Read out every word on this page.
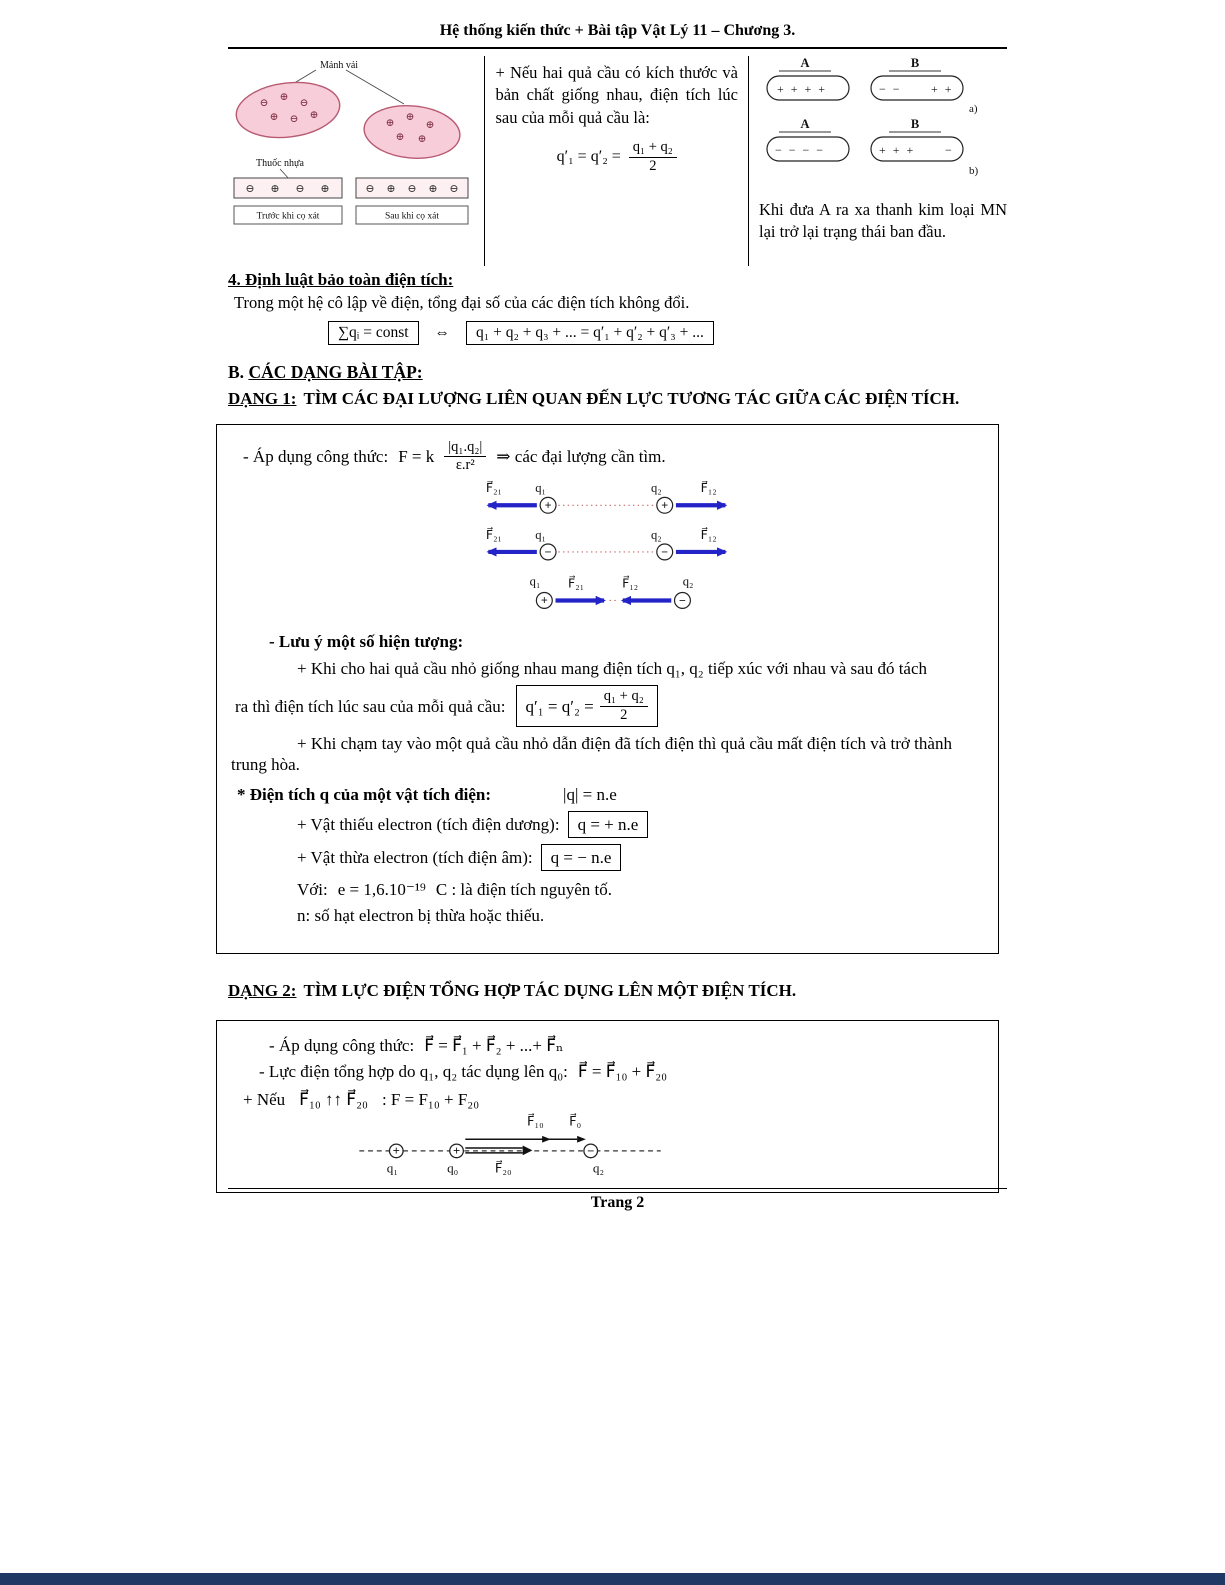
Hệ thống kiến thức + Bài tập Vật Lý 11 – Chương 3.
Mảnh vải
⊖
⊕
⊖
⊕ ⊖ ⊕
⊕
⊕
⊕
⊕ ⊕
Thuốc nhựa
⊖ ⊕ ⊖ ⊕	⊖ ⊕ ⊖ ⊕ ⊖
Trước khi cọ xát	Sau khi cọ xát

+ Nếu hai quả cầu có kích thước và bản chất giống nhau, điện tích lúc sau của mỗi quả cầu là:

$q'_1 = q'_2 = \frac{\text{q₁ + q₂}}{2}$
A
+ + + +
B
− − + +
a)
A
− − − −
B
+ + + −
b)

Khi đưa A ra xa thanh kim loại MN lại trở lại trạng thái ban đầu.

4. Định luật bảo toàn điện tích:

Trong một hệ cô lập về điện, tổng đại số của các điện tích không đổi.

∑qᵢ = const	⇔	q₁ + q₂ + q₃ + ... = q′₁ + q′₂ + q′₃ + ...
B. CÁC DẠNG BÀI TẬP:
DẠNG 1: TÌM CÁC ĐẠI LƯỢNG LIÊN QUAN ĐẾN LỰC TƯƠNG TÁC GIỮA CÁC ĐIỆN TÍCH.
- Áp dụng công thức: F = k $\frac{\text{|q₁.q₂|}}{\text{ε.r²}}$ ⇒ các đại lượng cần tìm.
F⃗₂₁ q₁
+
q₂
+
F⃗₁₂
F⃗₂₁ q₁
−
q₂
−
F⃗₁₂
q₁
+
F⃗₂₁	F⃗₁₂
−
q₂

- Lưu ý một số hiện tượng:

+ Khi cho hai quả cầu nhỏ giống nhau mang điện tích q₁, q₂ tiếp xúc với nhau và sau đó tách

ra thì điện tích lúc sau của mỗi quả cầu: $q'_1 = q'_2 = \frac{\text{q₁ + q₂}}{2}$

+ Khi chạm tay vào một quả cầu nhỏ dẫn điện đã tích điện thì quả cầu mất điện tích và trở thành trung hòa.

* Điện tích q của một vật tích điện:	|q| = n.e
+ Vật thiếu electron (tích điện dương):	q = + n.e
+ Vật thừa electron (tích điện âm):	q = − n.e
Với: e = 1,6.10⁻¹⁹ C : là điện tích nguyên tố.

n: số hạt electron bị thừa hoặc thiếu.

DẠNG 2: TÌM LỰC ĐIỆN TỔNG HỢP TÁC DỤNG LÊN MỘT ĐIỆN TÍCH.
- Áp dụng công thức: F⃗ = F⃗₁ + F⃗₂ + ...+ F⃗ₙ
- Lực điện tổng hợp do q₁, q₂ tác dụng lên q₀: F⃗ = F⃗₁₀ + F⃗₂₀
+ Nếu F⃗₁₀ ↑↑ F⃗₂₀ : F = F₁₀ + F₂₀
+
q₁
+
q₀
−
q₂
F⃗₂₀
F⃗₁₀ F⃗₀
Trang 2
